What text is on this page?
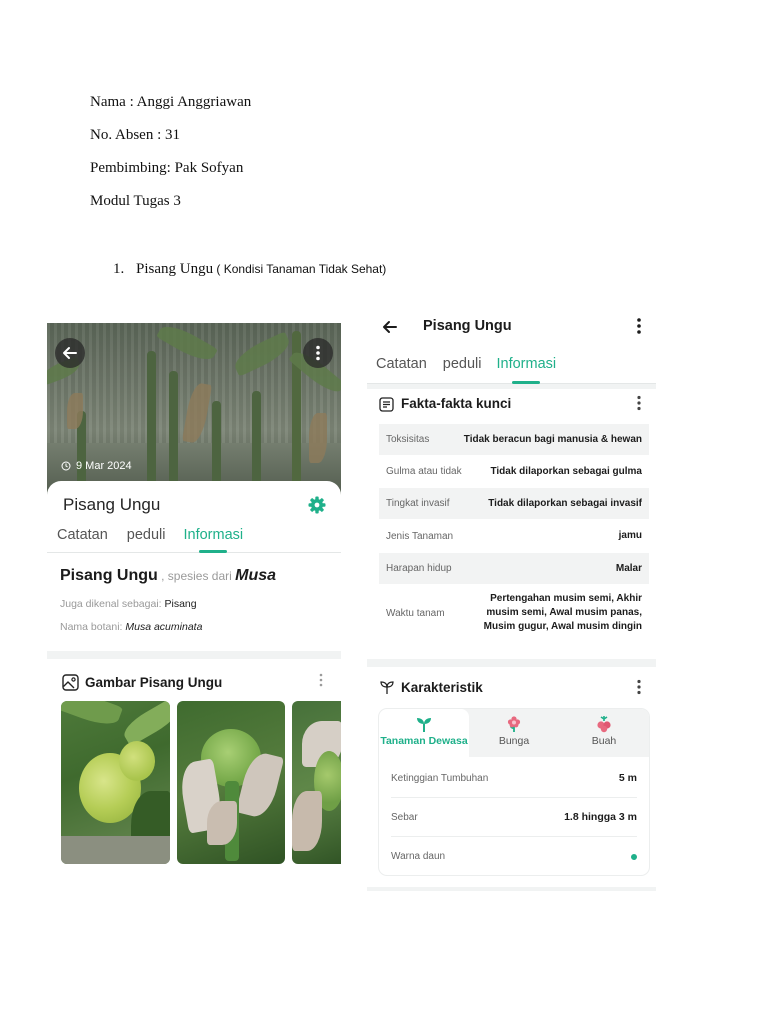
Nama : Anggi Anggriawan
No. Absen : 31
Pembimbing: Pak Sofyan
Modul Tugas 3
1. Pisang Ungu ( Kondisi Tanaman Tidak Sehat)
9 Mar 2024
Pisang Ungu
Catatan peduli Informasi
Pisang Ungu , spesies dari Musa
Juga dikenal sebagai: Pisang
Nama botani: Musa acuminata
Gambar Pisang Ungu
Pisang Ungu
Catatan peduli Informasi
Fakta-fakta kunci
Toksisitas	Tidak beracun bagi manusia & hewan
Gulma atau tidak	Tidak dilaporkan sebagai gulma
Tingkat invasif	Tidak dilaporkan sebagai invasif
Jenis Tanaman	jamu
Harapan hidup	Malar
Waktu tanam
Pertengahan musim semi, Akhir musim semi, Awal musim panas, Musim gugur, Awal musim dingin
Karakteristik
Tanaman Dewasa	Bunga	Buah
Ketinggian Tumbuhan	5 m
Sebar	1.8 hingga 3 m
Warna daun
